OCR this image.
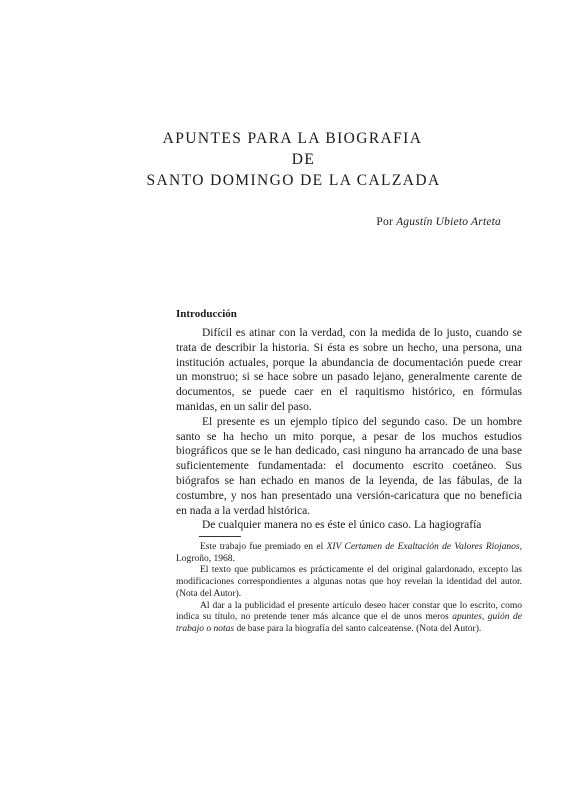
APUNTES PARA LA BIOGRAFIA

DE

SANTO DOMINGO DE LA CALZADA

Por Agustín Ubieto Arteta
Introducción

Difícil es atinar con la verdad, con la medida de lo justo, cuando se trata de describir la historia. Si ésta es sobre un hecho, una persona, una institución actuales, porque la abundancia de documentación puede crear un monstruo; si se hace sobre un pasado lejano, generalmente carente de documentos, se puede caer en el raquitismo histórico, en fórmulas manidas, en un salir del paso.

El presente es un ejemplo típico del segundo caso. De un hombre santo se ha hecho un mito porque, a pesar de los muchos estudios biográficos que se le han dedicado, casi ninguno ha arrancado de una base suficientemente fundamentada: el documento escrito coetáneo. Sus biógrafos se han echado en manos de la leyenda, de las fábulas, de la costumbre, y nos han presentado una versión-caricatura que no beneficia en nada a la verdad histórica.

De cualquier manera no es éste el único caso. La hagiografía

Este trabajo fue premiado en el XIV Certamen de Exaltación de Valores Riojanos, Logroño, 1968.

El texto que publicamos es prácticamente el del original galardonado, excepto las modificaciones correspondientes a algunas notas que hoy revelan la identidad del autor. (Nota del Autor).

Al dar a la publicidad el presente artículo deseo hacer constar que lo escrito, como indica su título, no pretende tener más alcance que el de unos meros apuntes, guión de trabajo o notas de base para la biografía del santo calceatense. (Nota del Autor).
